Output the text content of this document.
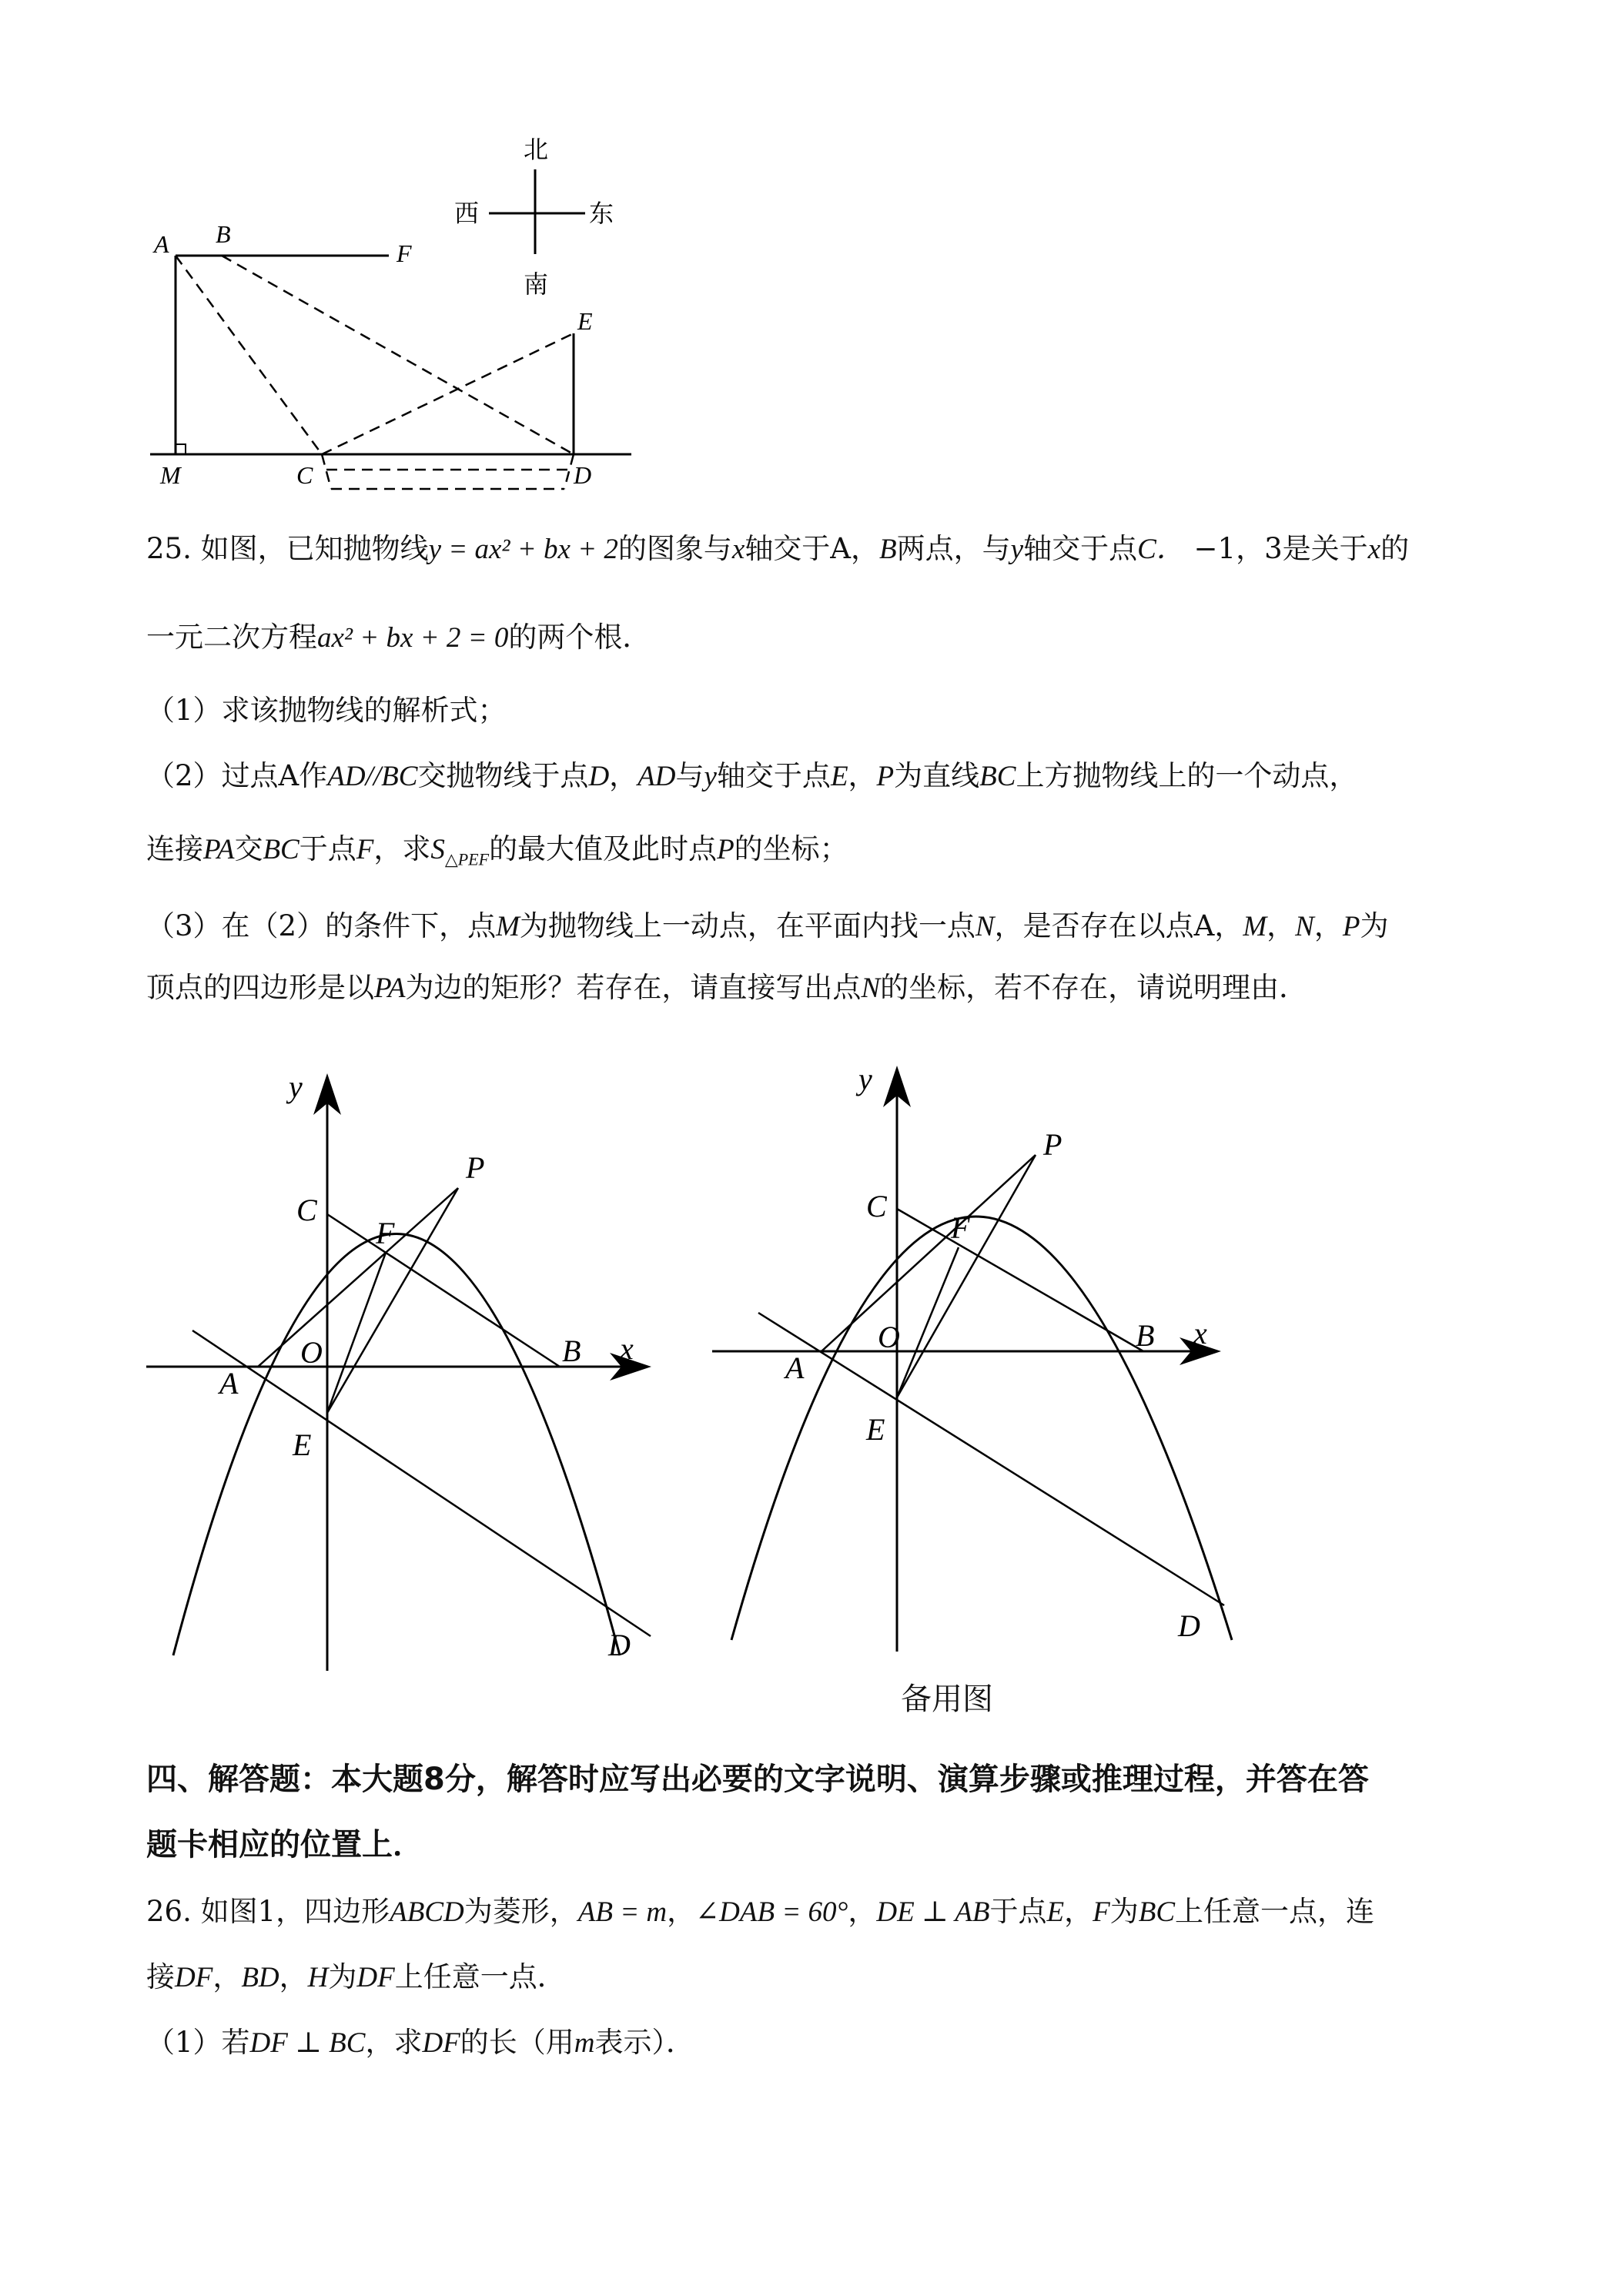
北
南
西	东
A B
F
E
M	C	D
25. 如图，已知抛物线y = ax² + bx + 2的图象与x轴交于A，B两点，与y轴交于点C． −1，3是关于x的
一元二次方程ax² + bx + 2 = 0的两个根．
（1）求该抛物线的解析式；
（2）过点A作AD//BC交抛物线于点D，AD与y轴交于点E，P为直线BC上方抛物线上的一个动点，
连接PA交BC于点F，求$S_{\triangle PEF}$的最大值及此时点P的坐标；
（3）在（2）的条件下，点M为抛物线上一动点，在平面内找一点N，是否存在以点A，M，N，P为
顶点的四边形是以PA为边的矩形？若存在，请直接写出点N的坐标，若不存在，请说明理由．
y
x
C
F
P
O
A
B
E
D
y
x
C
F
P
O
A
B
E
D
备用图
四、解答题：本大题8分，解答时应写出必要的文字说明、演算步骤或推理过程，并答在答
题卡相应的位置上．
26. 如图1，四边形ABCD为菱形，AB = m，∠DAB = 60°，DE ⊥ AB于点E，F为BC上任意一点，连
接DF，BD，H为DF上任意一点．
（1）若DF ⊥ BC，求DF的长（用m表示）．
